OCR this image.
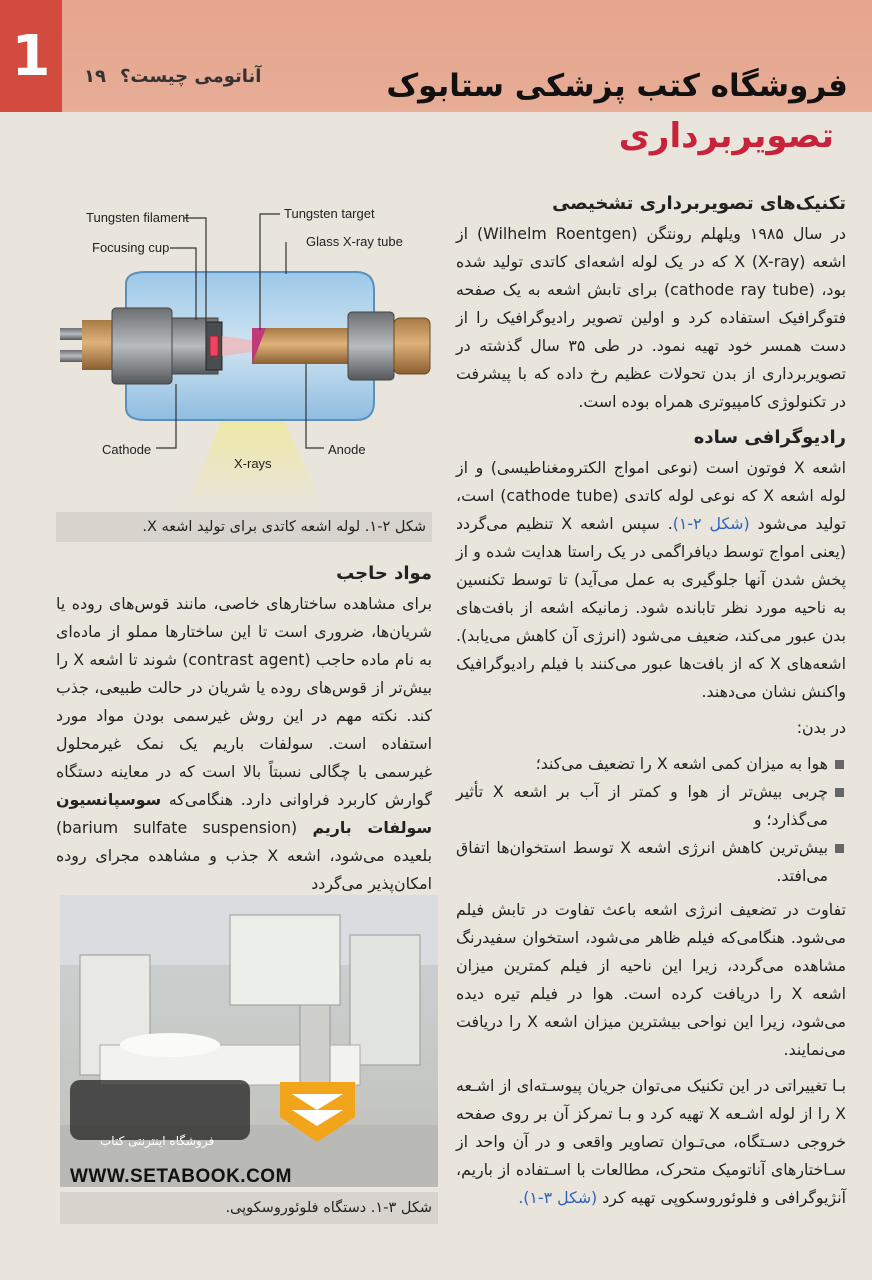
1	آناتومی چیست؟
۱۹	فروشگاه کتب پزشکی ستابوک
تصویربرداری
Tungsten filament	Tungsten target
Focusing cup	Glass X-ray tube
Cathode	Anode
X-rays
شکل ۲-۱. لوله اشعه کاتدی برای تولید اشعه X.
تکنیک‌های تصویربرداری تشخیصی

در سال ۱۹۸۵ ویلهلم رونتگن (Wilhelm Roentgen) از اشعه X (X-ray) که در یک لوله اشعه‌ای کاتدی تولید شده بود، (cathode ray tube) برای تابش اشعه به یک صفحه فتوگرافیک استفاده کرد و اولین تصویر رادیوگرافیک را از دست همسر خود تهیه نمود. در طی ۳۵ سال گذشته در تصویربرداری از بدن تحولات عظیم رخ داده که با پیشرفت در تکنولوژی کامپیوتری همراه بوده است.

رادیوگرافی ساده

اشعه X فوتون است (نوعی امواج الکترومغناطیسی) و از لوله اشعه X که نوعی لوله کاتدی (cathode tube) است، تولید می‌شود (شکل ۲-۱). سپس اشعه X تنظیم می‌گردد (یعنی امواج توسط دیافراگمی در یک راستا هدایت شده و از پخش شدن آنها جلوگیری به عمل می‌آید) تا توسط تکنسین به ناحیه مورد نظر تابانده شود. زمانیکه اشعه از بافت‌های بدن عبور می‌کند، ضعیف می‌شود (انرژی آن کاهش می‌یابد). اشعه‌های X که از بافت‌ها عبور می‌کنند با فیلم رادیوگرافیک واکنش نشان می‌دهند.

در بدن:

هوا به میزان کمی اشعه X را تضعیف می‌کند؛
چربی بیش‌تر از هوا و کمتر از آب بر اشعه X تأثیر می‌گذارد؛ و
بیش‌ترین کاهش انرژی اشعه X توسط استخوان‌ها اتفاق می‌افتد.

تفاوت در تضعیف انرژی اشعه باعث تفاوت در تابش فیلم می‌شود. هنگامی‌که فیلم ظاهر می‌شود، استخوان سفیدرنگ مشاهده می‌گردد، زیرا این ناحیه از فیلم کمترین میزان اشعه X را دریافت کرده است. هوا در فیلم تیره دیده می‌شود، زیرا این نواحی بیشترین میزان اشعه X را دریافت می‌نمایند.

بـا تغییراتی در این تکنیک می‌توان جریان پیوسـته‌ای از اشـعه X را از لوله اشـعه X تهیه کرد و بـا تمرکز آن بر روی صفحه خروجی دسـتگاه، می‌تـوان تصاویر واقعی و در آن واحد از سـاختارهای آناتومیک متحرک، مطالعات با اسـتفاده از باریم، آنژیوگرافی و فلوئوروسکوپی تهیه کرد (شکل ۳-۱).

مواد حاجب

برای مشاهده ساختارهای خاصی، مانند قوس‌های روده یا شریان‌ها، ضروری است تا این ساختارها مملو از ماده‌ای به نام ماده حاجب (contrast agent) شوند تا اشعه X را بیش‌تر از قوس‌های روده یا شریان در حالت طبیعی، جذب کند. نکته مهم در این روش غیرسمی بودن مواد مورد استفاده است. سولفات باریم یک نمک غیرمحلول غیرسمی با چگالی نسبتاً بالا است که در معاینه دستگاه گوارش کاربرد فراوانی دارد. هنگامی‌که سوسپانسیون سولفات باریم (barium sulfate suspension) بلعیده می‌شود، اشعه X جذب و مشاهده مجرای روده امکان‌پذیر می‌گردد

فروشگاه اینترنتی کتاب
WWW.SETABOOK.COM
شکل ۳-۱. دستگاه فلوئوروسکوپی.
